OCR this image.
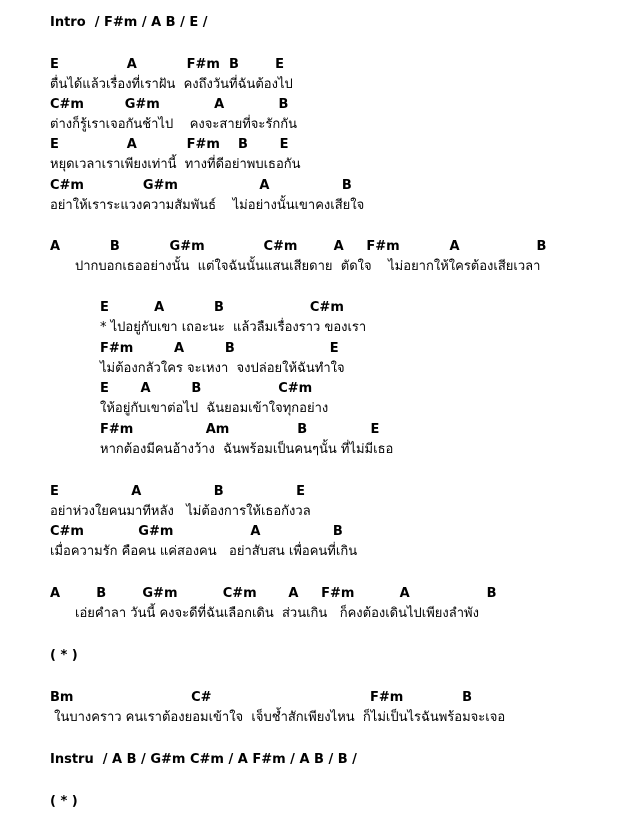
Intro  / F#m / A B / E /
E               A           F#m  B        E
ตื่นได้แล้วเรื่องที่เราฝัน  คงถึงวันที่ฉันต้องไป
C#m         G#m            A            B
ต่างก็รู้เราเจอกันช้าไป    คงจะสายที่จะรักกัน
E               A           F#m    B       E
หยุดเวลาเราเพียงเท่านี้  ทางที่ดีอย่าพบเธอกัน
C#m             G#m                  A                B
อย่าให้เราระแวงความสัมพันธ์    ไม่อย่างนั้นเขาคงเสียใจ
A           B           G#m             C#m        A     F#m           A                 B
ปากบอกเธออย่างนั้น  แต่ใจฉันนั้นแสนเสียดาย  ตัดใจ    ไม่อยากให้ใครต้องเสียเวลา
E          A           B                   C#m
* ไปอยู่กับเขา เถอะนะ  แล้วลืมเรื่องราว ของเรา
F#m         A         B                     E
ไม่ต้องกลัวใคร จะเหงา  จงปล่อยให้ฉันทำใจ
E       A         B                 C#m
ให้อยู่กับเขาต่อไป  ฉันยอมเข้าใจทุกอย่าง
F#m                Am               B              E
หากต้องมีคนอ้างว้าง  ฉันพร้อมเป็นคนๆนั้น ที่ไม่มีเธอ
E                A                B                E
อย่าห่วงใยคนมาทีหลัง   ไม่ต้องการให้เธอกังวล
C#m            G#m                 A                B
เมื่อความรัก คือคน แค่สองคน   อย่าสับสน เพื่อคนที่เกิน
A        B        G#m          C#m       A     F#m          A                 B
เอ่ยคำลา วันนี้ คงจะดีที่ฉันเลือกเดิน  ส่วนเกิน   ก็คงต้องเดินไปเพียงลำพัง
( * )
Bm                          C#                                   F#m             B
ในบางคราว คนเราต้องยอมเข้าใจ  เจ็บช้ำสักเพียงไหน  ก็ไม่เป็นไรฉันพร้อมจะเจอ
Instru  / A B / G#m C#m / A F#m / A B / B /
( * )
